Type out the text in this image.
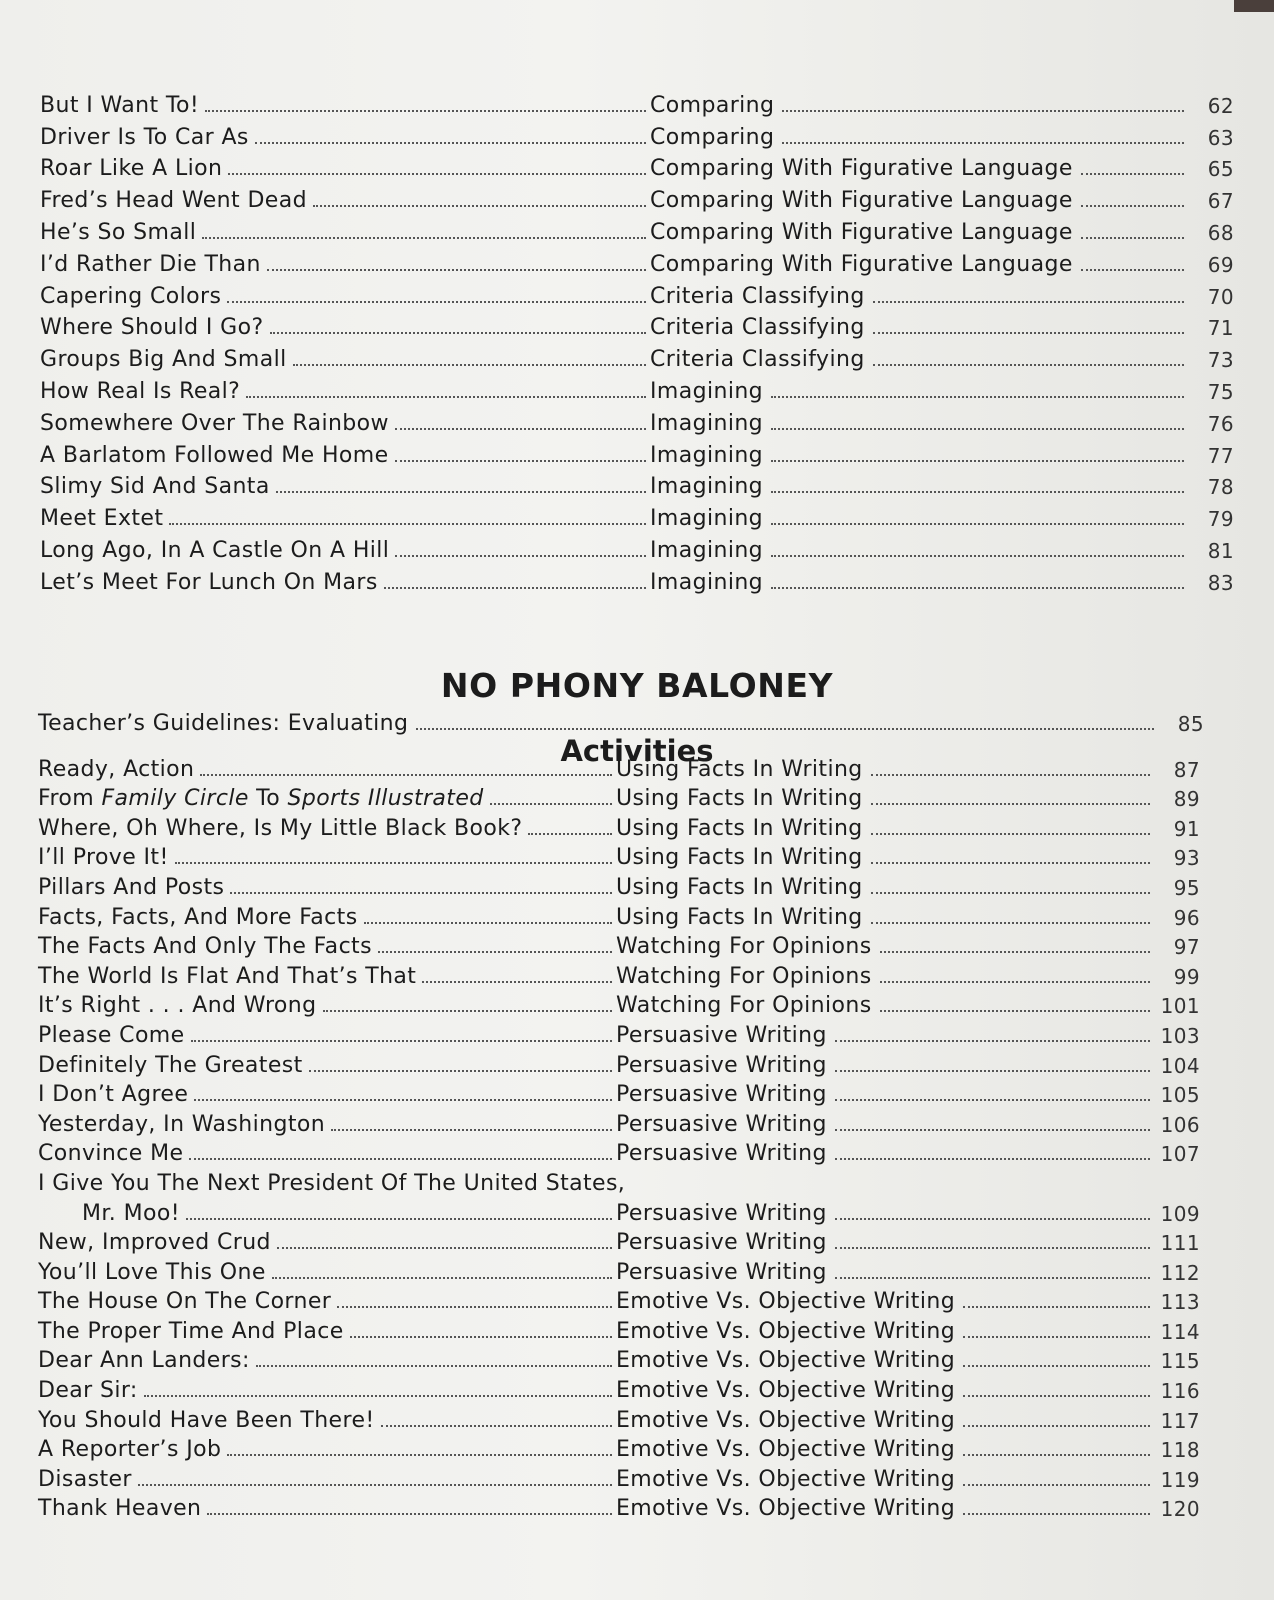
But I Want To!	Comparing	62
Driver Is To Car As	Comparing	63
Roar Like A Lion	Comparing With Figurative Language	65
Fred’s Head Went Dead	Comparing With Figurative Language	67
He’s So Small	Comparing With Figurative Language	68
I’d Rather Die Than	Comparing With Figurative Language	69
Capering Colors	Criteria Classifying	70
Where Should I Go?	Criteria Classifying	71
Groups Big And Small	Criteria Classifying	73
How Real Is Real?	Imagining	75
Somewhere Over The Rainbow	Imagining	76
A Barlatom Followed Me Home	Imagining	77
Slimy Sid And Santa	Imagining	78
Meet Extet	Imagining	79
Long Ago, In A Castle On A Hill	Imagining	81
Let’s Meet For Lunch On Mars	Imagining	83
NO PHONY BALONEY
Teacher’s Guidelines: Evaluating	85
Activities
Ready, Action	Using Facts In Writing	87
From Family Circle To Sports Illustrated	Using Facts In Writing	89
Where, Oh Where, Is My Little Black Book?	Using Facts In Writing	91
I’ll Prove It!	Using Facts In Writing	93
Pillars And Posts	Using Facts In Writing	95
Facts, Facts, And More Facts	Using Facts In Writing	96
The Facts And Only The Facts	Watching For Opinions	97
The World Is Flat And That’s That	Watching For Opinions	99
It’s Right . . . And Wrong	Watching For Opinions	101
Please Come	Persuasive Writing	103
Definitely The Greatest	Persuasive Writing	104
I Don’t Agree	Persuasive Writing	105
Yesterday, In Washington	Persuasive Writing	106
Convince Me	Persuasive Writing	107
I Give You The Next President Of The United States,
Mr. Moo!	Persuasive Writing	109
New, Improved Crud	Persuasive Writing	111
You’ll Love This One	Persuasive Writing	112
The House On The Corner	Emotive Vs. Objective Writing	113
The Proper Time And Place	Emotive Vs. Objective Writing	114
Dear Ann Landers:	Emotive Vs. Objective Writing	115
Dear Sir:	Emotive Vs. Objective Writing	116
You Should Have Been There!	Emotive Vs. Objective Writing	117
A Reporter’s Job	Emotive Vs. Objective Writing	118
Disaster	Emotive Vs. Objective Writing	119
Thank Heaven	Emotive Vs. Objective Writing	120
